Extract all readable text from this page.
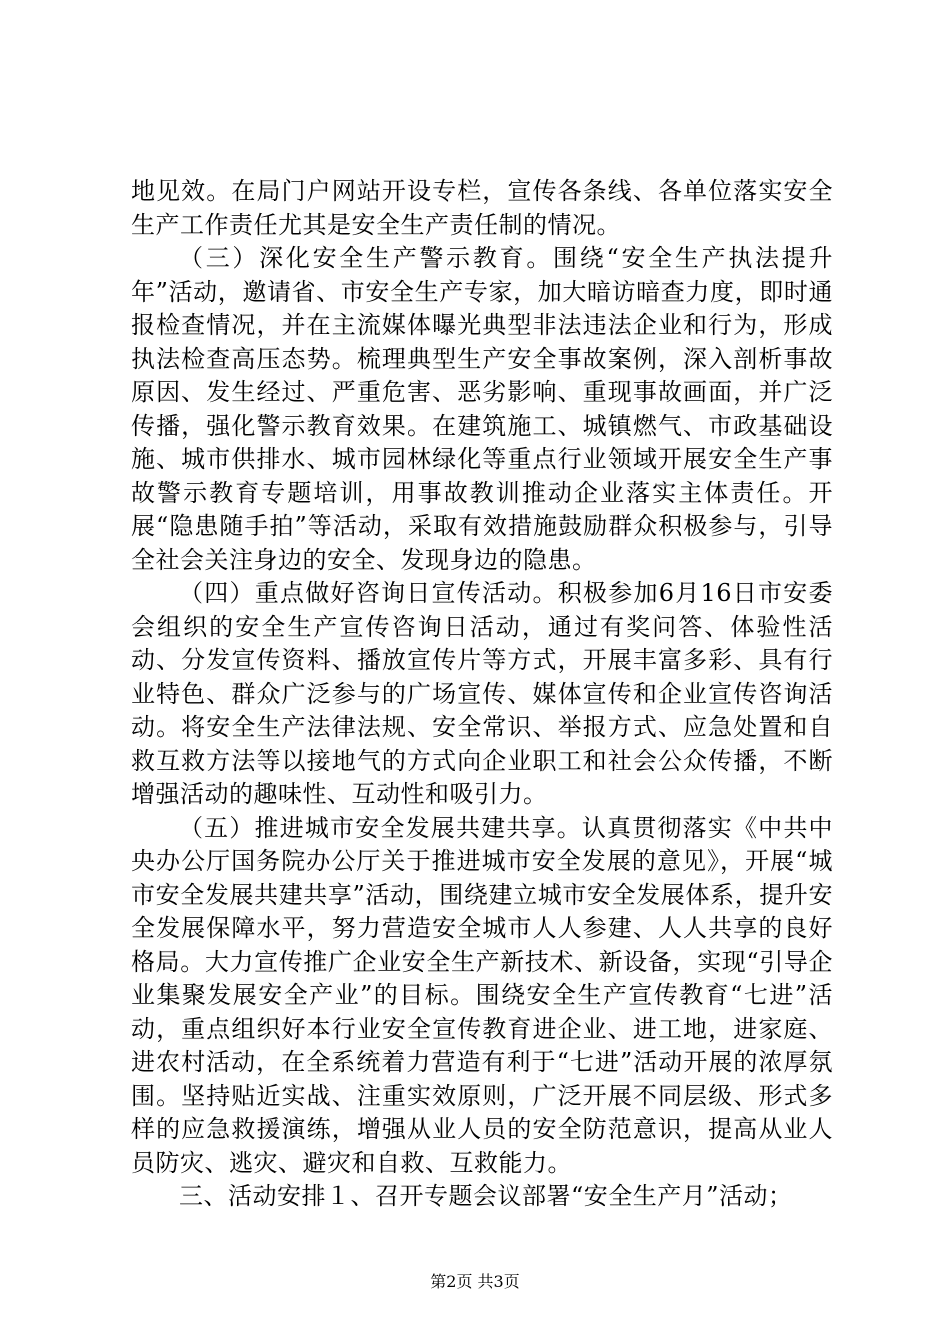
地见效。在局门户网站开设专栏，宣传各条线、各单位落实安全生产工作责任尤其是安全生产责任制的情况。

（三）深化安全生产警示教育。围绕“安全生产执法提升年”活动，邀请省、市安全生产专家，加大暗访暗查力度，即时通报检查情况，并在主流媒体曝光典型非法违法企业和行为，形成执法检查高压态势。梳理典型生产安全事故案例，深入剖析事故原因、发生经过、严重危害、恶劣影响、重现事故画面，并广泛传播，强化警示教育效果。在建筑施工、城镇燃气、市政基础设施、城市供排水、城市园林绿化等重点行业领域开展安全生产事故警示教育专题培训，用事故教训推动企业落实主体责任。开展“隐患随手拍”等活动，采取有效措施鼓励群众积极参与，引导全社会关注身边的安全、发现身边的隐患。

（四）重点做好咨询日宣传活动。积极参加6月16日市安委会组织的安全生产宣传咨询日活动，通过有奖问答、体验性活动、分发宣传资料、播放宣传片等方式，开展丰富多彩、具有行业特色、群众广泛参与的广场宣传、媒体宣传和企业宣传咨询活动。将安全生产法律法规、安全常识、举报方式、应急处置和自救互救方法等以接地气的方式向企业职工和社会公众传播，不断增强活动的趣味性、互动性和吸引力。

（五）推进城市安全发展共建共享。认真贯彻落实《中共中央办公厅国务院办公厅关于推进城市安全发展的意见》，开展“城市安全发展共建共享”活动，围绕建立城市安全发展体系，提升安全发展保障水平，努力营造安全城市人人参建、人人共享的良好格局。大力宣传推广企业安全生产新技术、新设备，实现“引导企业集聚发展安全产业”的目标。围绕安全生产宣传教育“七进”活动，重点组织好本行业安全宣传教育进企业、进工地，进家庭、进农村活动，在全系统着力营造有利于“七进”活动开展的浓厚氛围。坚持贴近实战、注重实效原则，广泛开展不同层级、形式多样的应急救援演练，增强从业人员的安全防范意识，提高从业人员防灾、逃灾、避灾和自救、互救能力。

三、活动安排１、召开专题会议部署“安全生产月”活动；

第2页 共3页
